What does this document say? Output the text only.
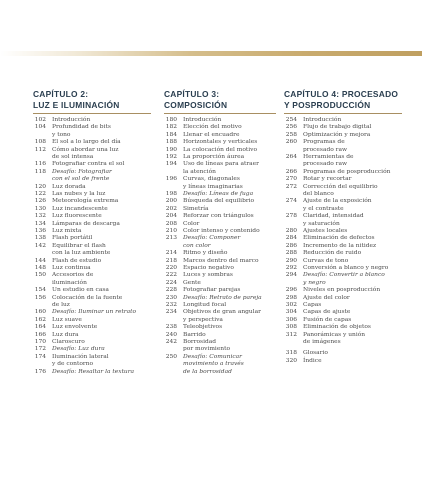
CAPÍTULO 2:
LUZ E ILUMINACIÓN
102 Introducción
104 Profundidad de bits
y tono
108 El sol a lo largo del día
112 Cómo abordar una luz
de sol intensa
116 Fotografiar contra el sol
118 Desafío: Fotografiar
con el sol de frente
120 Luz dorada
122 Las nubes y la luz
126 Meteorología extrema
130 Luz incandescente
132 Luz fluorescente
134 Lámparas de descarga
136 Luz mixta
138 Flash portátil
142 Equilibrar el flash
con la luz ambiente
144 Flash de estudio
148 Luz continua
150 Accesorios de
iluminación
154 Un estudio en casa
156 Colocación de la fuente
de luz
160 Desafío: Iluminar un retrato
162 Luz suave
164 Luz envolvente
166 Luz dura
170 Claroscuro
172 Desafío: Luz dura
174 Iluminación lateral
y de contorno
176 Desafío: Resaltar la textura
CAPÍTULO 3:
COMPOSICIÓN
180 Introducción
182 Elección del motivo
184 Llenar el encuadre
188 Horizontales y verticales
190 La colocación del motivo
192 La proporción áurea
194 Uso de líneas para atraer
la atención
196 Curvas, diagonales
y líneas imaginarias
198 Desafío: Líneas de fuga
200 Búsqueda del equilibrio
202 Simetría
204 Reforzar con triángulos
208 Color
210 Color intenso y contenido
213 Desafío: Componer
con color
214 Ritmo y diseño
218 Marcos dentro del marco
220 Espacio negativo
222 Luces y sombras
224 Gente
228 Fotografiar parejas
230 Desafío: Retrato de pareja
232 Longitud focal
234 Objetivos de gran angular
y perspectiva
238 Teleobjetivos
240 Barrido
242 Borrosidad
por movimiento
250 Desafío: Comunicar
movimiento a través
de la borrosidad
CAPÍTULO 4: PROCESADO
Y POSPRODUCCIÓN
254 Introducción
256 Flujo de trabajo digital
258 Optimización y mejora
260 Programas de
procesado raw
264 Herramientas de
procesado raw
266 Programas de posproducción
270 Rotar y recortar
272 Corrección del equilibrio
del blanco
274 Ajuste de la exposición
y el contraste
278 Claridad, intensidad
y saturación
280 Ajustes locales
284 Eliminación de defectos
286 Incremento de la nitidez
288 Reducción de ruido
290 Curvas de tono
292 Conversión a blanco y negro
294 Desafío: Convertir a blanco
y negro
296 Niveles en posproducción
298 Ajuste del color
302 Capas
304 Capas de ajuste
306 Fusión de capas
308 Eliminación de objetos
312 Panorámicas y unión
de imágenes
318 Glosario
320 Índice
